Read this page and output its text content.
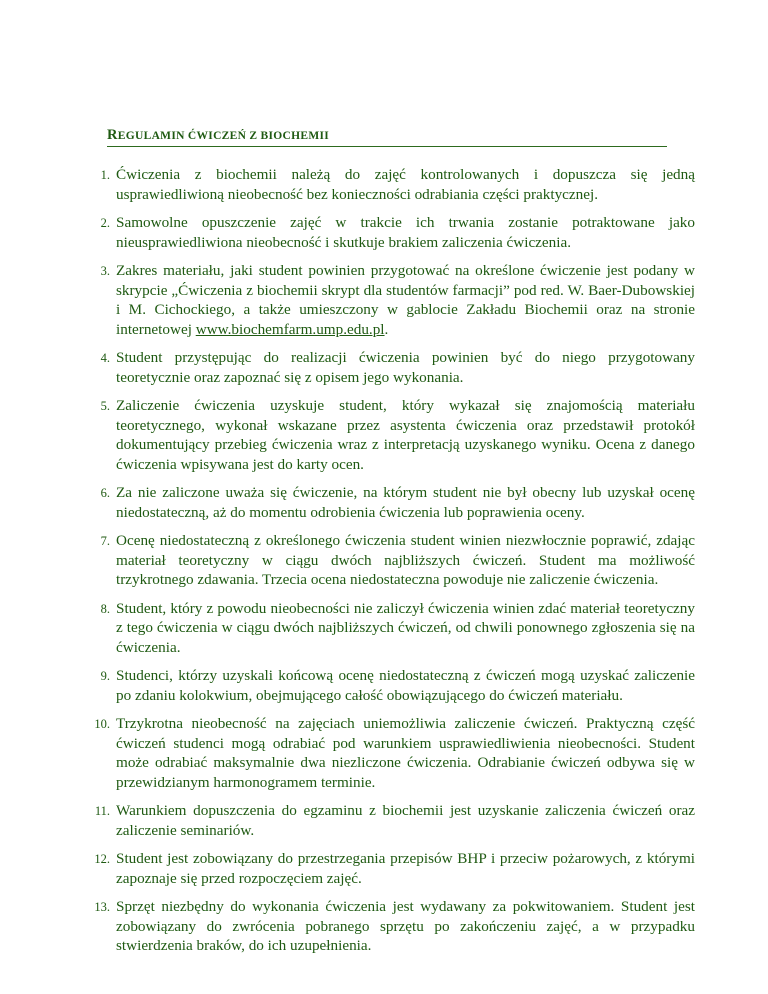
REGULAMIN ĆWICZEŃ Z BIOCHEMII
1. Ćwiczenia z biochemii należą do zajęć kontrolowanych i dopuszcza się jedną usprawiedliwioną nieobecność bez konieczności odrabiania części praktycznej.
2. Samowolne opuszczenie zajęć w trakcie ich trwania zostanie potraktowane jako nieusprawiedliwiona nieobecność i skutkuje brakiem zaliczenia ćwiczenia.
3. Zakres materiału, jaki student powinien przygotować na określone ćwiczenie jest podany w skrypcie „Ćwiczenia z biochemii skrypt dla studentów farmacji” pod red. W. Baer-Dubowskiej i M. Cichockiego, a także umieszczony w gablocie Zakładu Biochemii oraz na stronie internetowej www.biochemfarm.ump.edu.pl.
4. Student przystępując do realizacji ćwiczenia powinien być do niego przygotowany teoretycznie oraz zapoznać się z opisem jego wykonania.
5. Zaliczenie ćwiczenia uzyskuje student, który wykazał się znajomością materiału teoretycznego, wykonał wskazane przez asystenta ćwiczenia oraz przedstawił protokół dokumentujący przebieg ćwiczenia wraz z interpretacją uzyskanego wyniku. Ocena z danego ćwiczenia wpisywana jest do karty ocen.
6. Za nie zaliczone uważa się ćwiczenie, na którym student nie był obecny lub uzyskał ocenę niedostateczną, aż do momentu odrobienia ćwiczenia lub poprawienia oceny.
7. Ocenę niedostateczną z określonego ćwiczenia student winien niezwłocznie poprawić, zdając materiał teoretyczny w ciągu dwóch najbliższych ćwiczeń. Student ma możliwość trzykrotnego zdawania. Trzecia ocena niedostateczna powoduje nie zaliczenie ćwiczenia.
8. Student, który z powodu nieobecności nie zaliczył ćwiczenia winien zdać materiał teoretyczny z tego ćwiczenia w ciągu dwóch najbliższych ćwiczeń, od chwili ponownego zgłoszenia się na ćwiczenia.
9. Studenci, którzy uzyskali końcową ocenę niedostateczną z ćwiczeń mogą uzyskać zaliczenie po zdaniu kolokwium, obejmującego całość obowiązującego do ćwiczeń materiału.
10. Trzykrotna nieobecność na zajęciach uniemożliwia zaliczenie ćwiczeń. Praktyczną część ćwiczeń studenci mogą odrabiać pod warunkiem usprawiedliwienia nieobecności. Student może odrabiać maksymalnie dwa niezliczone ćwiczenia. Odrabianie ćwiczeń odbywa się w przewidzianym harmonogramem terminie.
11. Warunkiem dopuszczenia do egzaminu z biochemii jest uzyskanie zaliczenia ćwiczeń oraz zaliczenie seminariów.
12. Student jest zobowiązany do przestrzegania przepisów BHP i przeciw pożarowych, z którymi zapoznaje się przed rozpoczęciem zajęć.
13. Sprzęt niezbędny do wykonania ćwiczenia jest wydawany za pokwitowaniem. Student jest zobowiązany do zwrócenia pobranego sprzętu po zakończeniu zajęć, a w przypadku stwierdzenia braków, do ich uzupełnienia.
